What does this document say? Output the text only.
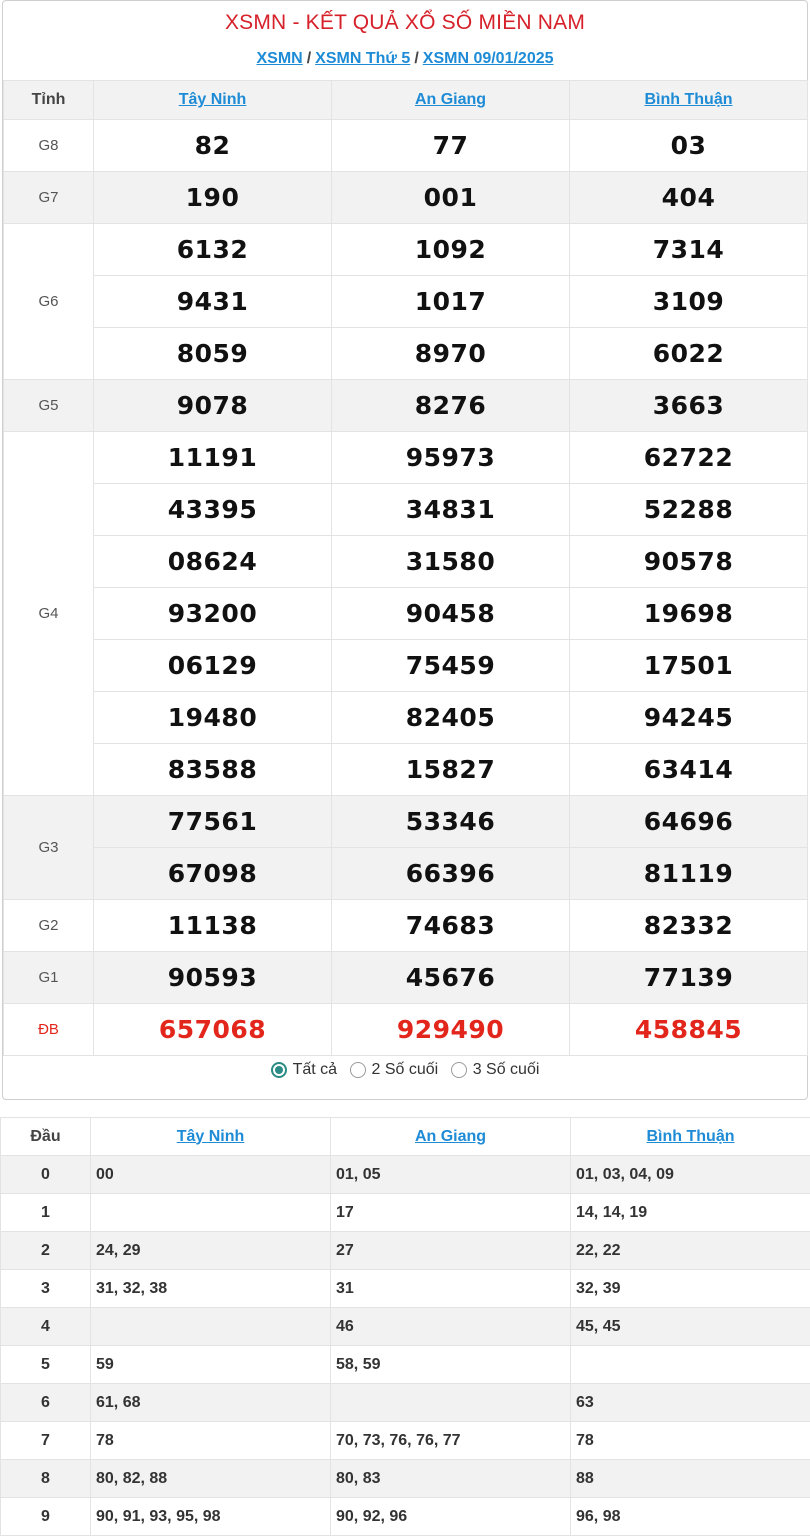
XSMN - KẾT QUẢ XỔ SỐ MIỀN NAM
XSMN / XSMN Thứ 5 / XSMN 09/01/2025
Tỉnh	Tây Ninh	An Giang	Bình Thuận
G8	82	77	03
G7	190	001	404
G6	6132	1092	7314
	9431	1017	3109
	8059	8970	6022
G5	9078	8276	3663
G4	11191	95973	62722
	43395	34831	52288
	08624	31580	90578
	93200	90458	19698
	06129	75459	17501
	19480	82405	94245
	83588	15827	63414
G3	77561	53346	64696
	67098	66396	81119
G2	11138	74683	82332
G1	90593	45676	77139
ĐB	657068	929490	458845
Tất cả
2 Số cuối
3 Số cuối
Đầu	Tây Ninh	An Giang	Bình Thuận
0	00	01, 05	01, 03, 04, 09
1		17	14, 14, 19
2	24, 29	27	22, 22
3	31, 32, 38	31	32, 39
4		46	45, 45
5	59	58, 59	
6	61, 68		63
7	78	70, 73, 76, 76, 77	78
8	80, 82, 88	80, 83	88
9	90, 91, 93, 95, 98	90, 92, 96	96, 98
